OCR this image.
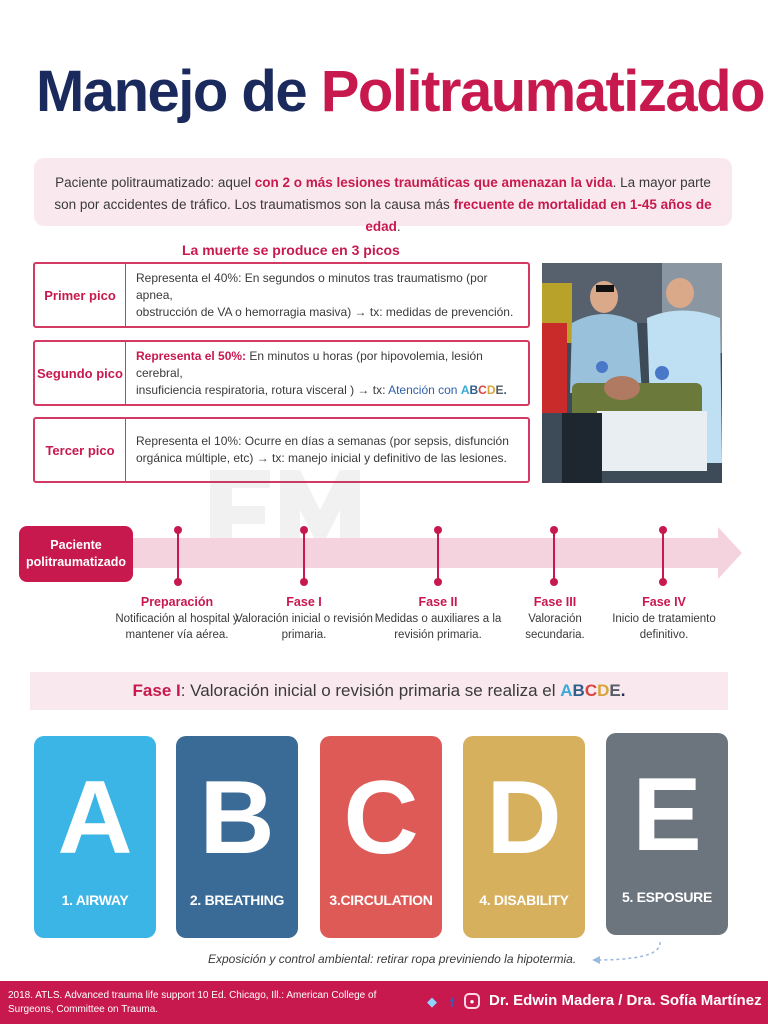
Manejo de Politraumatizado
Paciente politraumatizado: aquel con 2 o más lesiones traumáticas que amenazan la vida. La mayor parte son por accidentes de tráfico. Los traumatismos son la causa más frecuente de mortalidad en 1-45 años de edad.
La muerte se produce en 3 picos
Primer pico
Representa el 40%: En segundos o minutos tras traumatismo (por apnea,
obstrucción de VA o hemorragia masiva) → tx: medidas de prevención.
Segundo pico
Representa el 50%: En minutos u horas (por hipovolemia, lesión cerebral,
insuficiencia respiratoria, rotura visceral ) → tx: Atención con ABCDE.
Tercer pico
Representa el 10%: Ocurre en días a semanas (por sepsis, disfunción
orgánica múltiple, etc) → tx: manejo inicial y definitivo de las lesiones.
Paciente politraumatizado
Preparación
Notificación al hospital y mantener vía aérea.
Fase I
Valoración inicial o revisión primaria.
Fase II
Medidas o auxiliares a la revisión primaria.
Fase III
Valoración secundaria.
Fase IV
Inicio de tratamiento definitivo.
Fase I : Valoración inicial o revisión primaria se realiza el ABCDE.
A
1. AIRWAY
B
2. BREATHING
C
3.CIRCULATION
D
4. DISABILITY
E
5. ESPOSURE
Exposición y control ambiental: retirar ropa previniendo la hipotermia.
2018. ATLS. Advanced trauma life support 10 Ed. Chicago, Ill.: American College of Surgeons, Committee on Trauma.
◆ f	● Dr. Edwin Madera / Dra. Sofía Martínez
